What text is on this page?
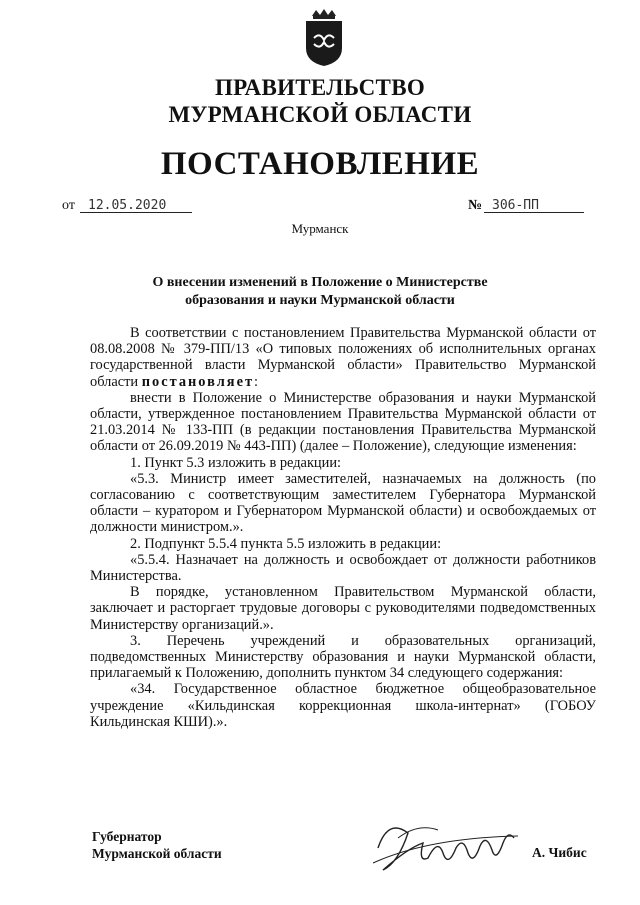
ПРАВИТЕЛЬСТВО
МУРМАНСКОЙ ОБЛАСТИ
ПОСТАНОВЛЕНИЕ
от 12.05.2020	№ 306-ПП
Мурманск
О внесении изменений в Положение о Министерстве
образования и науки Мурманской области

В соответствии с постановлением Правительства Мурманской области от 08.08.2008 № 379-ПП/13 «О типовых положениях об исполнительных органах государственной власти Мурманской области» Правительство Мурманской области постановляет:

внести в Положение о Министерстве образования и науки Мурманской области, утвержденное постановлением Правительства Мурманской области от 21.03.2014 № 133-ПП (в редакции постановления Правительства Мурманской области от 26.09.2019 № 443-ПП) (далее – Положение), следующие изменения:

1. Пункт 5.3 изложить в редакции:

«5.3. Министр имеет заместителей, назначаемых на должность (по согласованию с соответствующим заместителем Губернатора Мурманской области – куратором и Губернатором Мурманской области) и освобождаемых от должности министром.».

2. Подпункт 5.5.4 пункта 5.5 изложить в редакции:

«5.5.4. Назначает на должность и освобождает от должности работников Министерства.

В порядке, установленном Правительством Мурманской области, заключает и расторгает трудовые договоры с руководителями подведомственных Министерству организаций.».

3. Перечень учреждений и образовательных организаций, подведомственных Министерству образования и науки Мурманской области, прилагаемый к Положению, дополнить пунктом 34 следующего содержания:

«34. Государственное областное бюджетное общеобразовательное учреждение «Кильдинская коррекционная школа-интернат» (ГОБОУ Кильдинская КШИ).».

Губернатор
Мурманской области	А. Чибис
